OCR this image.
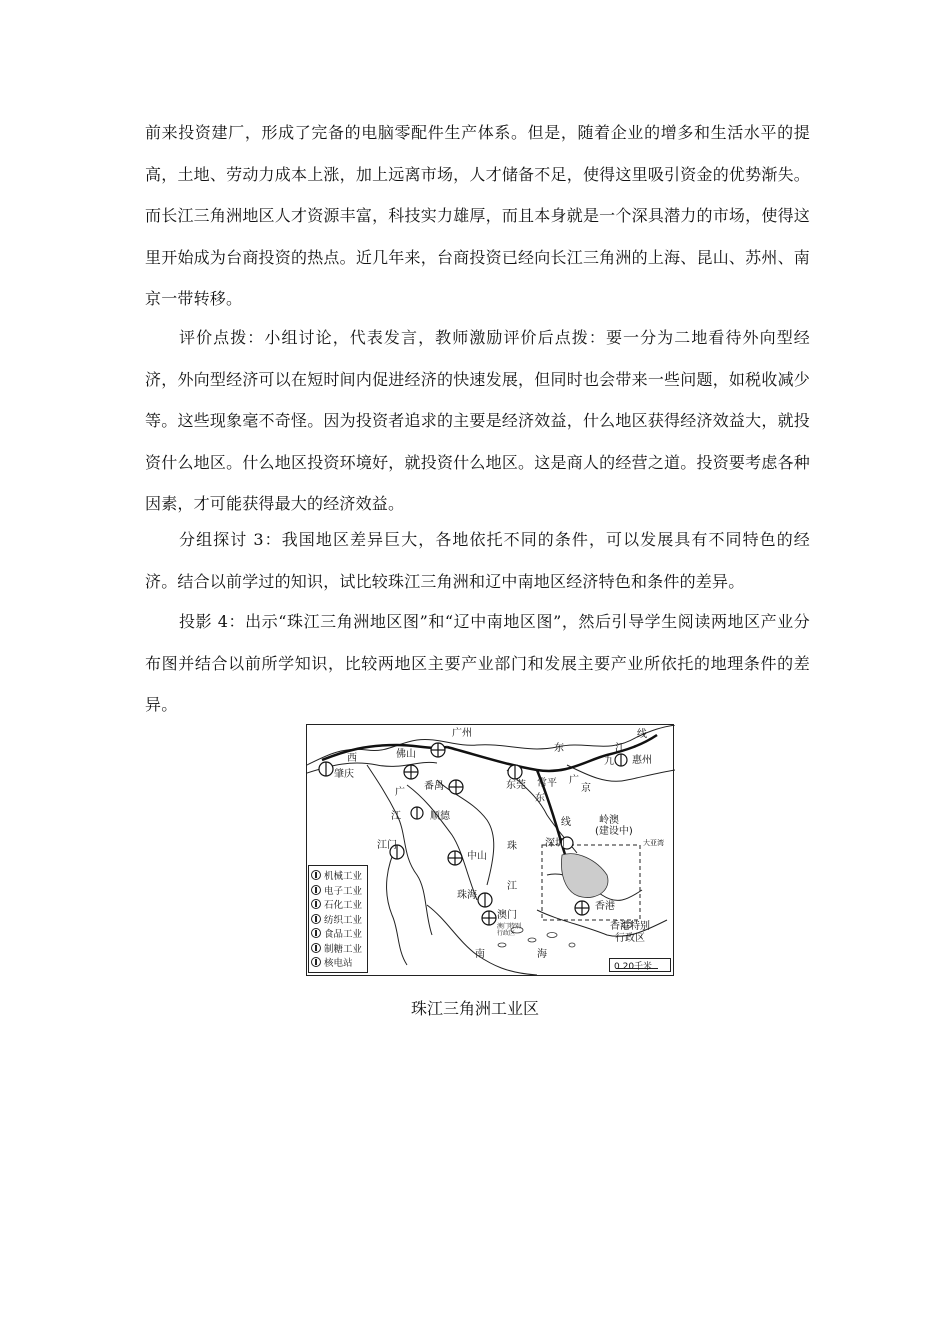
前来投资建厂，形成了完备的电脑零配件生产体系。但是，随着企业的增多和生活水平的提高，土地、劳动力成本上涨，加上远离市场，人才储备不足，使得这里吸引资金的优势渐失。而长江三角洲地区人才资源丰富，科技实力雄厚，而且本身就是一个深具潜力的市场，使得这里开始成为台商投资的热点。近几年来，台商投资已经向长江三角洲的上海、昆山、苏州、南京一带转移。

评价点拨：小组讨论，代表发言，教师激励评价后点拨：要一分为二地看待外向型经济，外向型经济可以在短时间内促进经济的快速发展，但同时也会带来一些问题，如税收减少等。这些现象毫不奇怪。因为投资者追求的主要是经济效益，什么地区获得经济效益大，就投资什么地区。什么地区投资环境好，就投资什么地区。这是商人的经营之道。投资要考虑各种因素，才可能获得最大的经济效益。

分组探讨 3：我国地区差异巨大，各地依托不同的条件，可以发展具有不同特色的经济。结合以前学过的知识，试比较珠江三角洲和辽中南地区经济特色和条件的差异。

投影 4：出示“珠江三角洲地区图”和“辽中南地区图”，然后引导学生阅读两地区产业分布图并结合以前所学知识，比较两地区主要产业部门和发展主要产业所依托的地理条件的差异。

广州
佛山
西
肇庆
番禺	东莞 常平
东	江
九 惠州
线
广
东
京
广
江	顺德
江门
中山
珠
江
线
深圳
岭澳
(建设中)
大亚湾
珠海
澳门
澳门特别
行政区
香港
香港特别
行政区
南	海
机械工业
电子工业
石化工业
纺织工业
食品工业
制糖工业
核电站	0 20千米
珠江三角洲工业区
